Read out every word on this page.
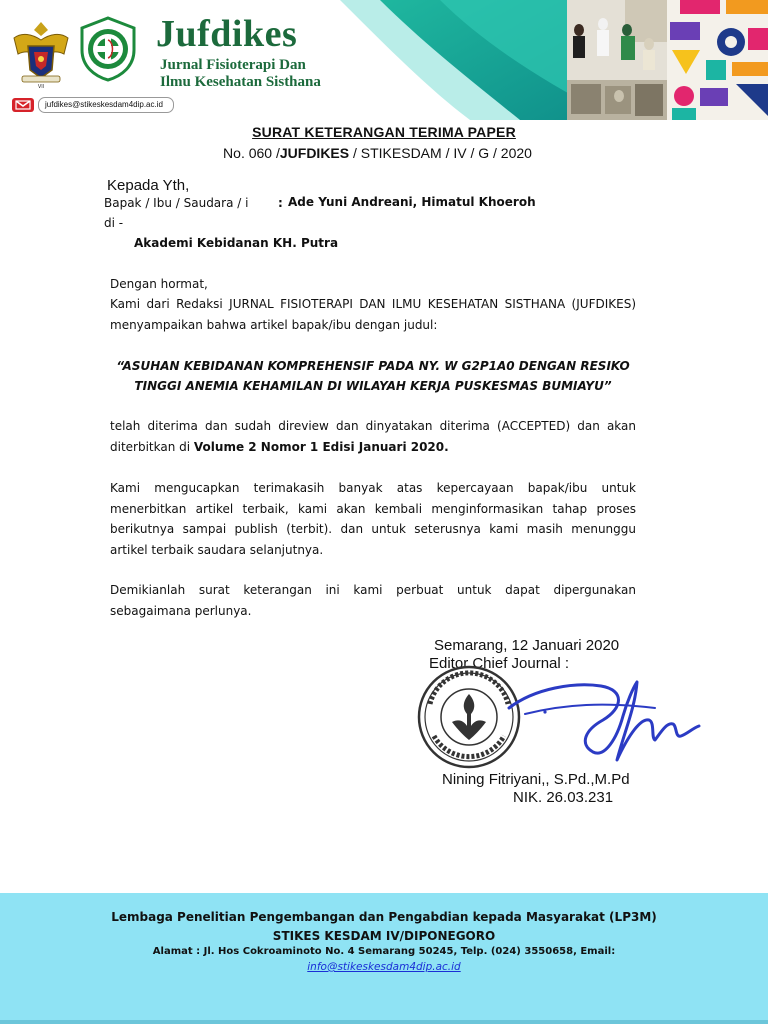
VII
Jufdikes
Jurnal Fisioterapi Dan
Ilmu Kesehatan Sisthana
jufdikes@stikeskesdam4dip.ac.id
SURAT KETERANGAN TERIMA PAPER
No. 060 /JUFDIKES / STIKESDAM / IV / G / 2020
Kepada Yth,
Bapak / Ibu / Saudara / i : Ade Yuni Andreani, Himatul Khoeroh
di -
Akademi Kebidanan KH. Putra
Dengan hormat,
Kami dari Redaksi JURNAL FISIOTERAPI DAN ILMU KESEHATAN SISTHANA (JUFDIKES) menyampaikan bahwa artikel bapak/ibu dengan judul:
“ASUHAN KEBIDANAN KOMPREHENSIF PADA NY. W G2P1A0 DENGAN RESIKO TINGGI ANEMIA KEHAMILAN DI WILAYAH KERJA PUSKESMAS BUMIAYU”
telah diterima dan sudah direview dan dinyatakan diterima (ACCEPTED) dan akan diterbitkan di Volume 2 Nomor 1 Edisi Januari 2020.
Kami mengucapkan terimakasih banyak atas kepercayaan bapak/ibu untuk menerbitkan artikel terbaik, kami akan kembali menginformasikan tahap proses berikutnya sampai publish (terbit). dan untuk seterusnya kami masih menunggu artikel terbaik saudara selanjutnya.
Demikianlah surat keterangan ini kami perbuat untuk dapat dipergunakan sebagaimana perlunya.
Semarang, 12 Januari 2020
Editor Chief Journal :
Nining Fitriyani,, S.Pd.,M.Pd
NIK. 26.03.231
Lembaga Penelitian Pengembangan dan Pengabdian kepada Masyarakat (LP3M)
STIKES KESDAM IV/DIPONEGORO
Alamat : Jl. Hos Cokroaminoto No. 4 Semarang 50245, Telp. (024) 3550658, Email:
info@stikeskesdam4dip.ac.id
